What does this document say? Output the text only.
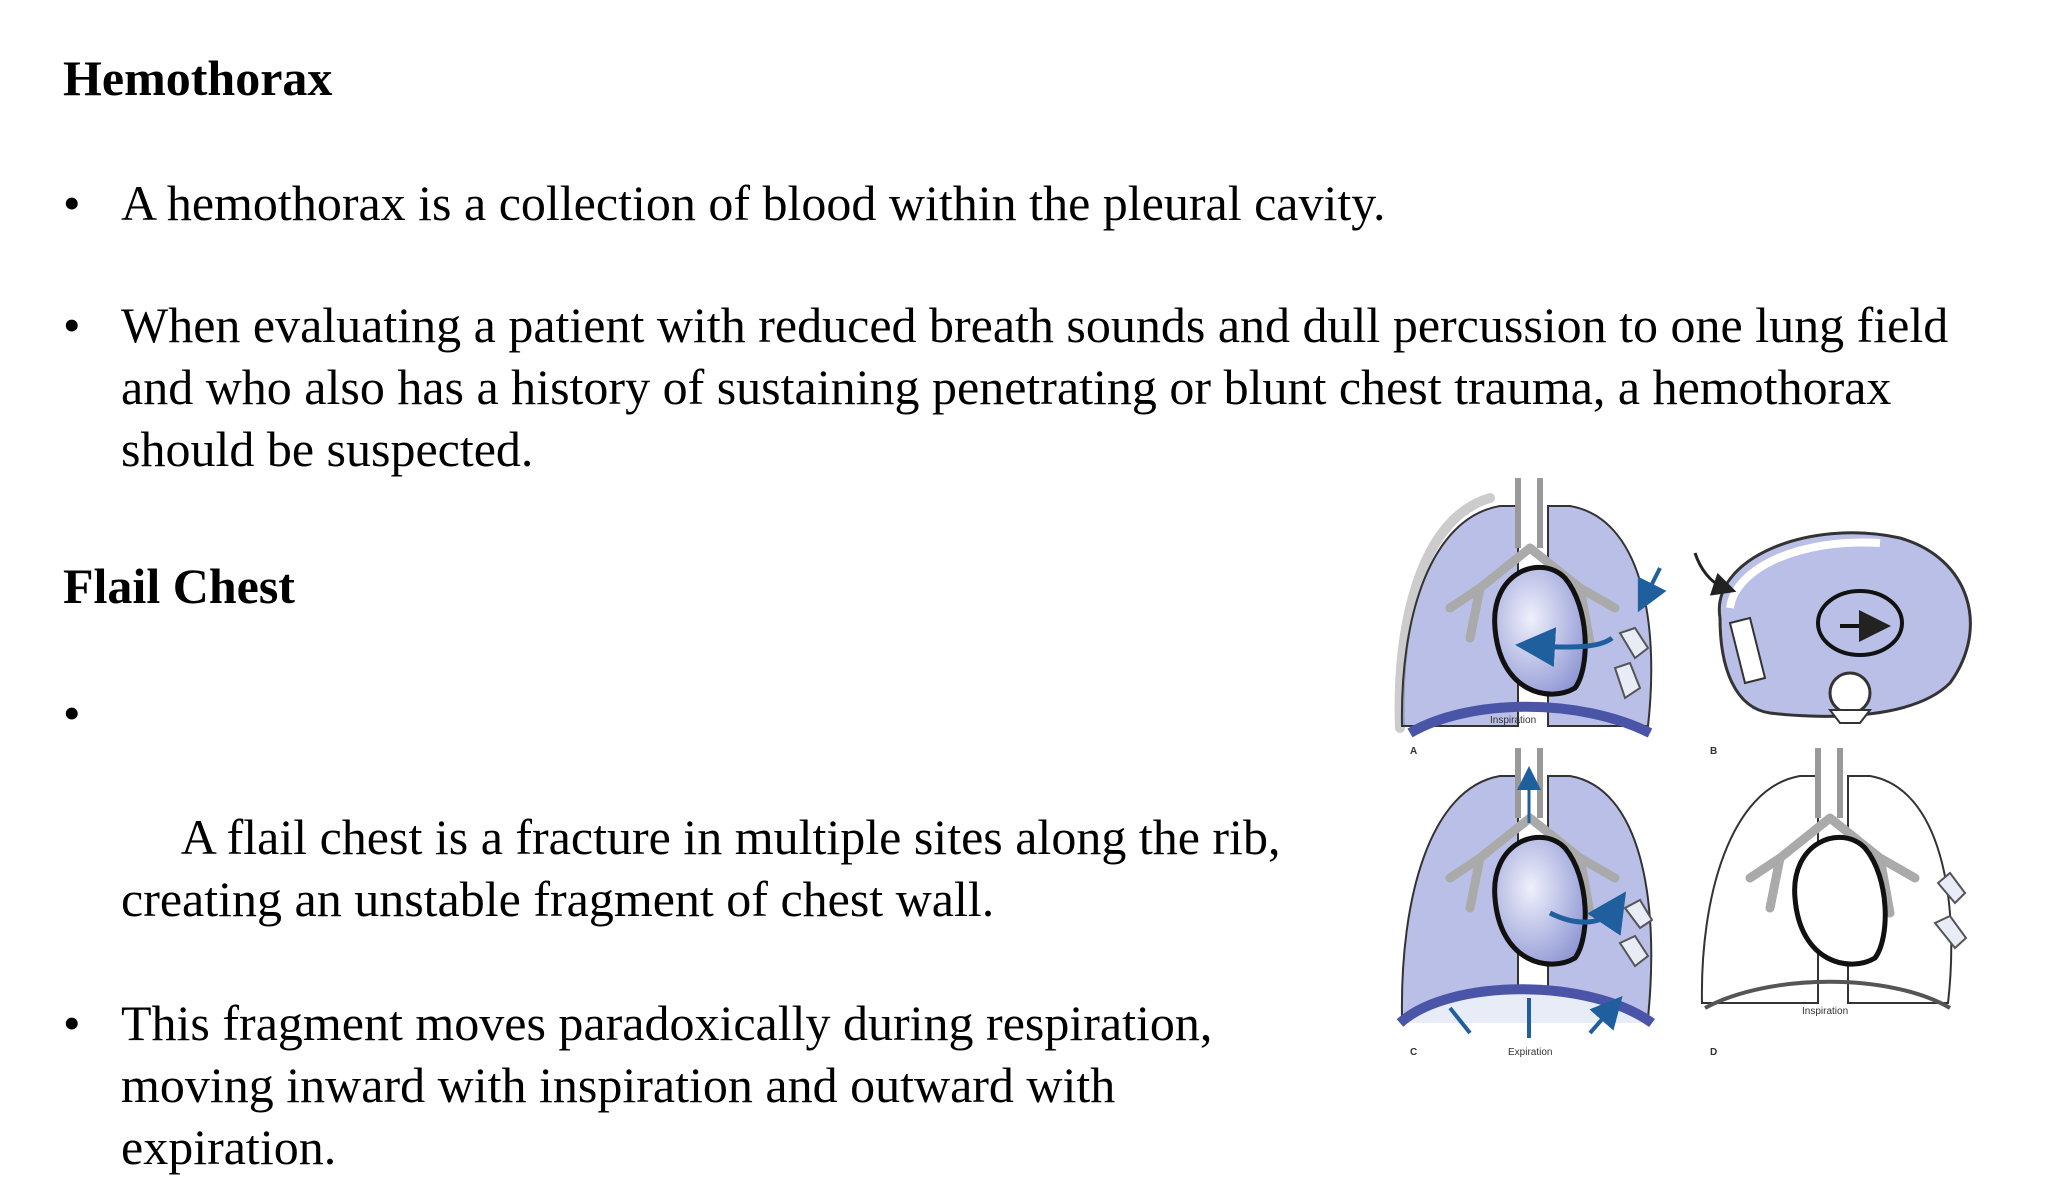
Hemothorax
• A hemothorax is a collection of blood within the pleural cavity.
• When evaluating a patient with reduced breath sounds and dull percussion to one lung field and who also has a history of sustaining penetrating or blunt chest trauma, a hemothorax should be suspected.
Flail Chest

•

A flail chest is a fracture in multiple sites along the rib, creating an unstable fragment of chest wall.

• This fragment moves paradoxically during respiration, moving inward with inspiration and outward with expiration.
Inspiration
A	B
Expiration
C
Inspiration
D
